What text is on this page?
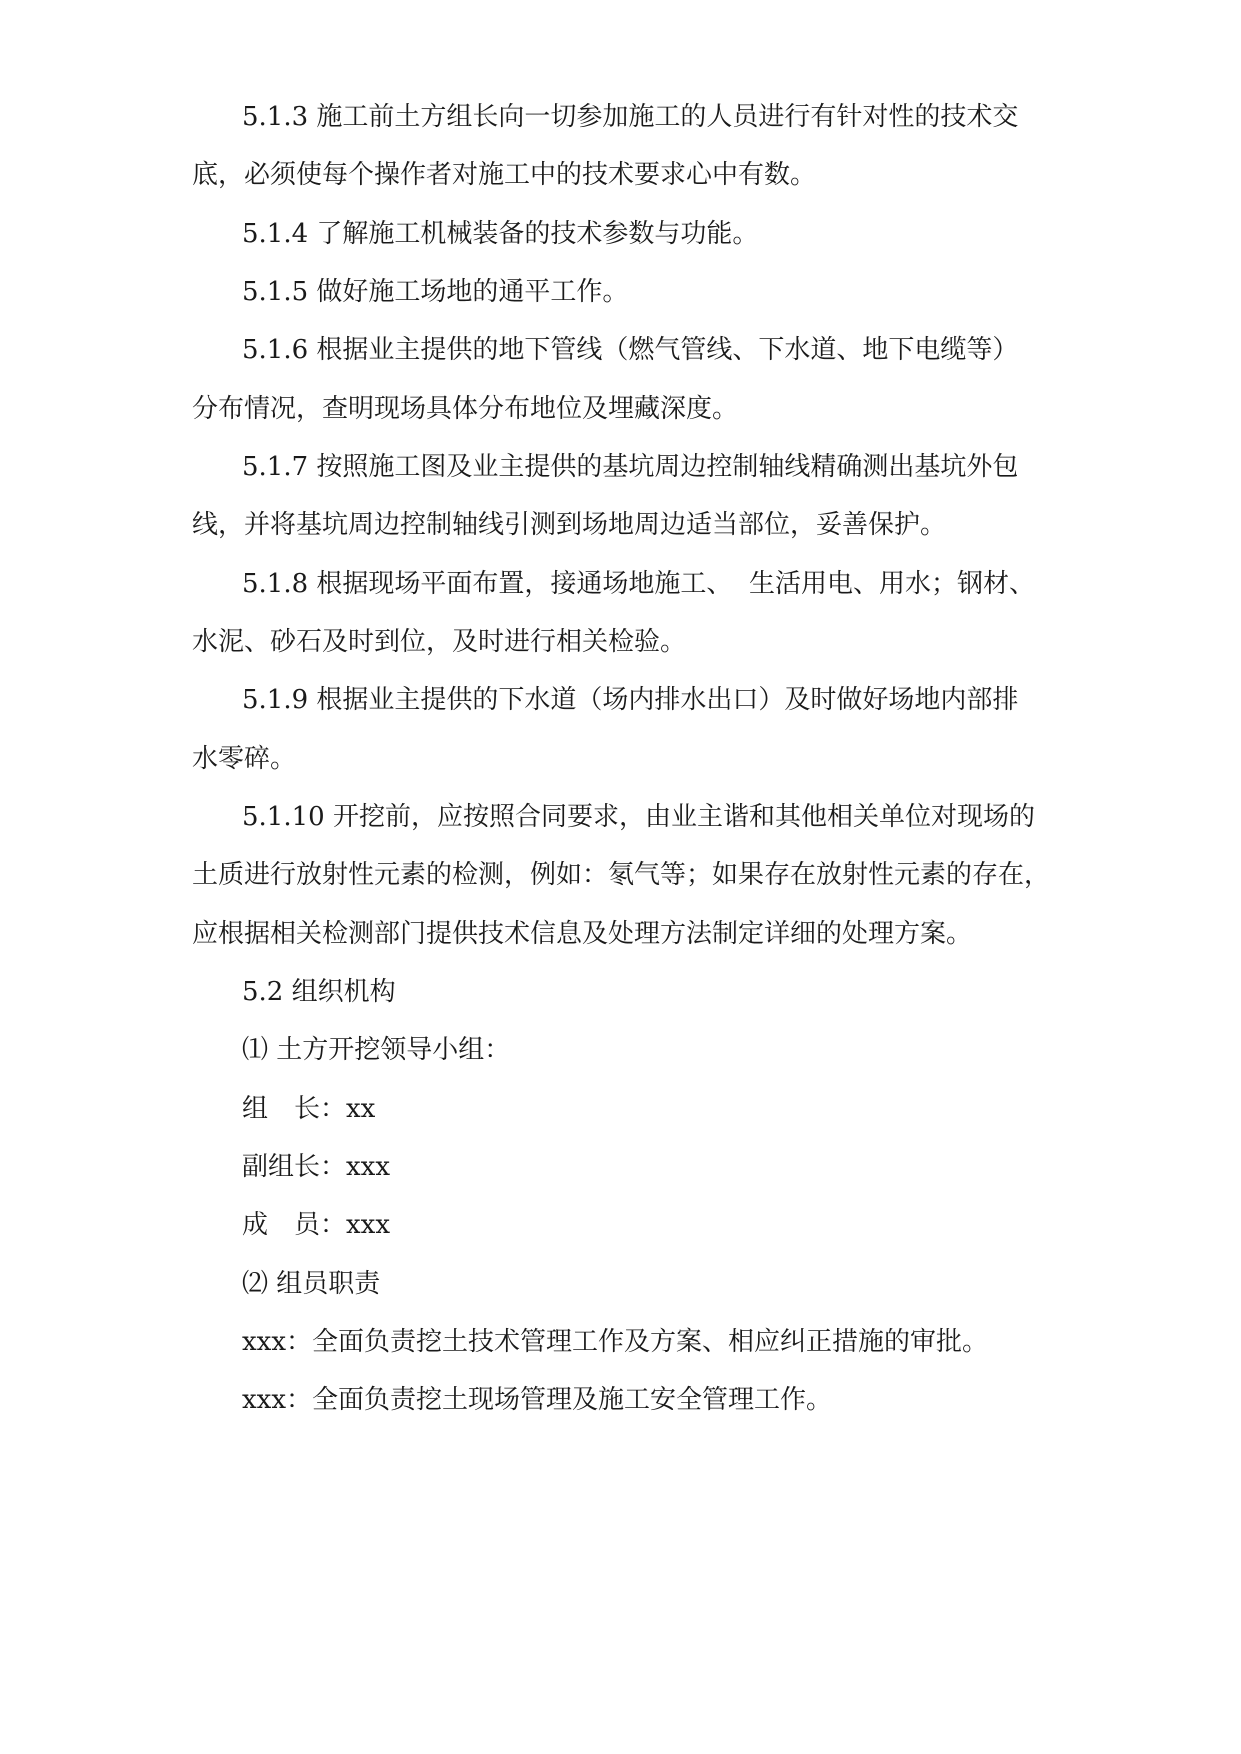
5.1.3 施工前土方组长向一切参加施工的人员进行有针对性的技术交
底，必须使每个操作者对施工中的技术要求心中有数。
5.1.4 了解施工机械装备的技术参数与功能。
5.1.5 做好施工场地的通平工作。
5.1.6 根据业主提供的地下管线（燃气管线、下水道、地下电缆等）
分布情况，查明现场具体分布地位及埋藏深度。
5.1.7 按照施工图及业主提供的基坑周边控制轴线精确测出基坑外包
线，并将基坑周边控制轴线引测到场地周边适当部位，妥善保护。
5.1.8 根据现场平面布置，接通场地施工、  生活用电、用水；钢材、
水泥、砂石及时到位，及时进行相关检验。
5.1.9 根据业主提供的下水道（场内排水出口）及时做好场地内部排
水零碎。
5.1.10 开挖前，应按照合同要求，由业主谐和其他相关单位对现场的
土质进行放射性元素的检测，例如：氡气等；如果存在放射性元素的存在，
应根据相关检测部门提供技术信息及处理方法制定详细的处理方案。
5.2 组织机构
⑴ 土方开挖领导小组：
组　长：xx
副组长：xxx
成　员：xxx
⑵ 组员职责
xxx：全面负责挖土技术管理工作及方案、相应纠正措施的审批。
xxx：全面负责挖土现场管理及施工安全管理工作。
